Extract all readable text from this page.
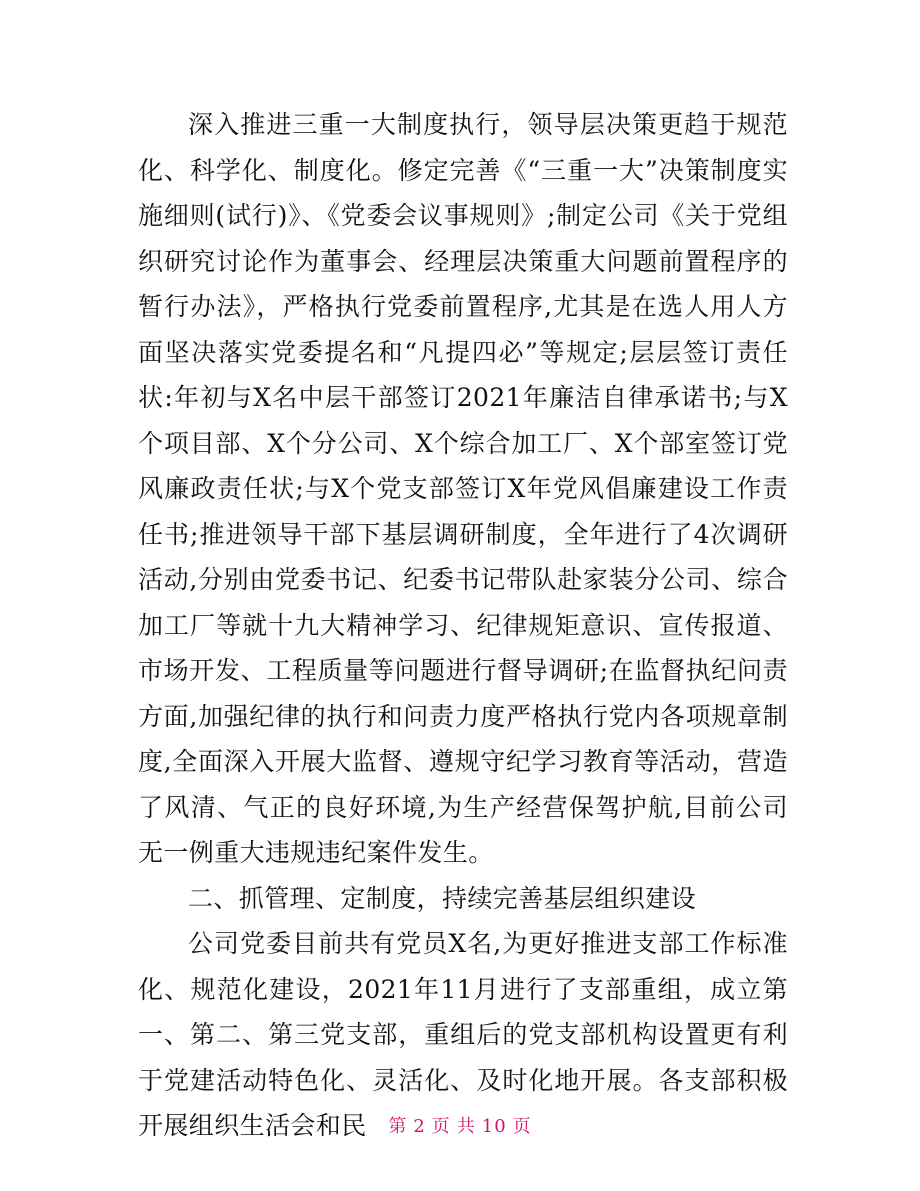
深入推进三重一大制度执行，领导层决策更趋于规范化、科学化、制度化。修定完善《“三重一大”决策制度实施细则(试行)》、《党委会议事规则》;制定公司《关于党组织研究讨论作为董事会、经理层决策重大问题前置程序的暂行办法》，严格执行党委前置程序,尤其是在选人用人方面坚决落实党委提名和“凡提四必”等规定;层层签订责任状:年初与X名中层干部签订2021年廉洁自律承诺书;与X个项目部、X个分公司、X个综合加工厂、X个部室签订党风廉政责任状;与X个党支部签订X年党风倡廉建设工作责任书;推进领导干部下基层调研制度，全年进行了4次调研活动,分别由党委书记、纪委书记带队赴家装分公司、综合加工厂等就十九大精神学习、纪律规矩意识、宣传报道、市场开发、工程质量等问题进行督导调研;在监督执纪问责方面,加强纪律的执行和问责力度严格执行党内各项规章制度,全面深入开展大监督、遵规守纪学习教育等活动，营造了风清、气正的良好环境,为生产经营保驾护航,目前公司无一例重大违规违纪案件发生。

二、抓管理、定制度，持续完善基层组织建设

公司党委目前共有党员X名,为更好推进支部工作标准化、规范化建设，2021年11月进行了支部重组，成立第一、第二、第三党支部，重组后的党支部机构设置更有利于党建活动特色化、灵活化、及时化地开展。各支部积极开展组织生活会和民	第 2 页 共 10 页
